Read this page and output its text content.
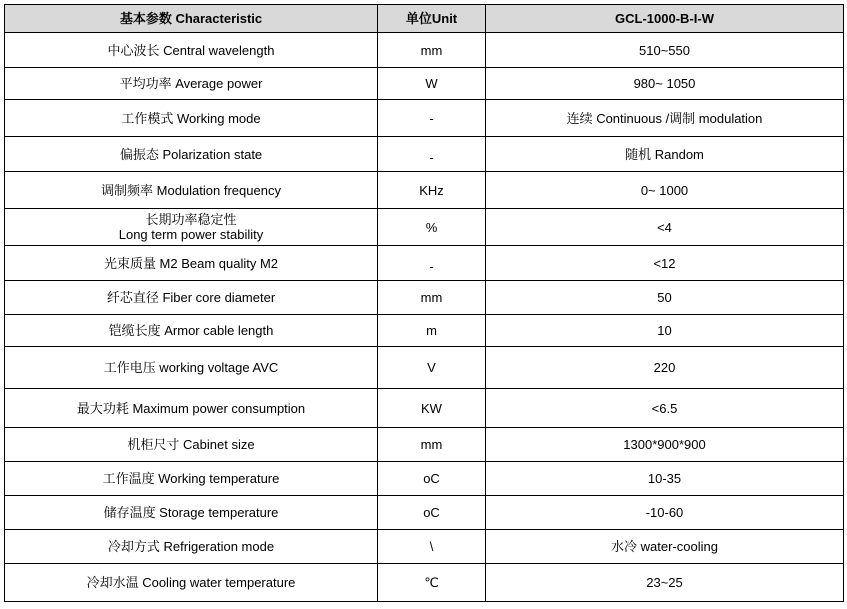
基本参数 Characteristic	单位Unit	GCL-1000-B-I-W
中心波长 Central wavelength	mm	510~550
平均功率 Average power	W	980~ 1050
工作模式 Working mode	-	连续 Continuous /调制 modulation
偏振态 Polarization state	-	随机 Random
调制频率 Modulation frequency	KHz	0~ 1000

长期功率稳定性
Long term power stability	%	<4
光束质量 M2 Beam quality M2	-	<12
纤芯直径 Fiber core diameter	mm	50
铠缆长度 Armor cable length	m	10
工作电压 working voltage AVC	V	220
最大功耗 Maximum power consumption	KW	<6.5
机柜尺寸 Cabinet size	mm	1300*900*900
工作温度 Working temperature	oC	10-35
储存温度 Storage temperature	oC	-10-60
冷却方式 Refrigeration mode	\	水冷 water-cooling
冷却水温 Cooling water temperature	℃	23~25
